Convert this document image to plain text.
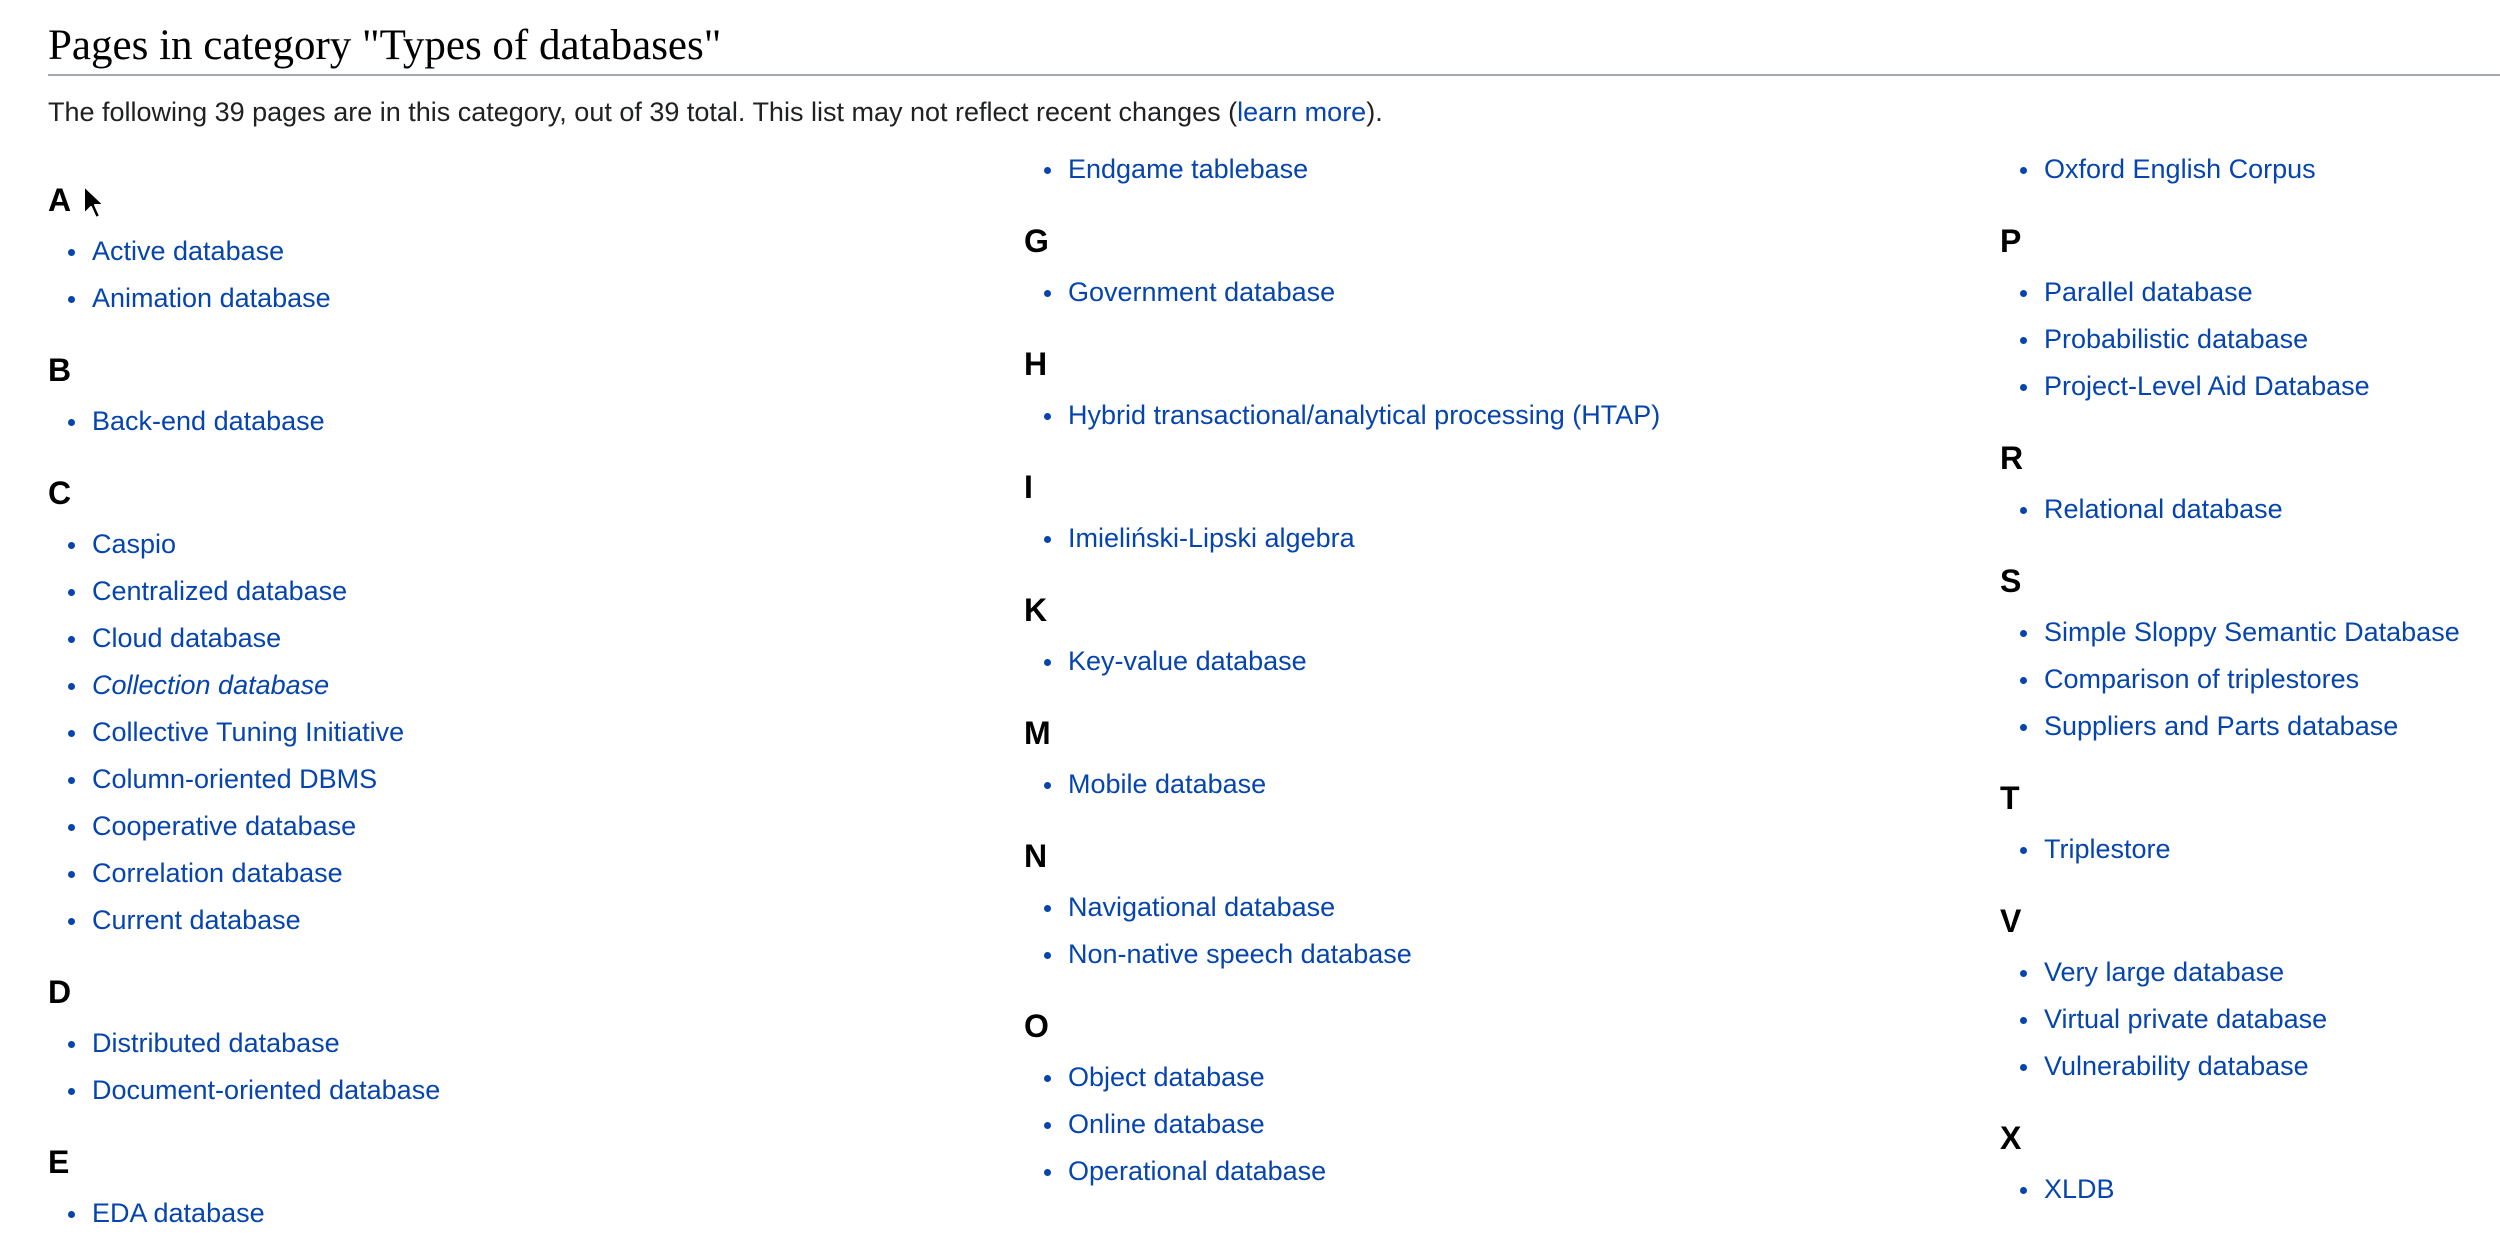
Pages in category "Types of databases"

The following 39 pages are in this category, out of 39 total. This list may not reflect recent changes (learn more).

A
Active database
Animation database
B
Back-end database
C
Caspio
Centralized database
Cloud database
Collection database
Collective Tuning Initiative
Column-oriented DBMS
Cooperative database
Correlation database
Current database
D
Distributed database
Document-oriented database
E
EDA database
Endgame tablebase
G
Government database
H
Hybrid transactional/analytical processing (HTAP)
I
Imieliński-Lipski algebra
K
Key-value database
M
Mobile database
N
Navigational database
Non-native speech database
O
Object database
Online database
Operational database
Oxford English Corpus
P
Parallel database
Probabilistic database
Project-Level Aid Database
R
Relational database
S
Simple Sloppy Semantic Database
Comparison of triplestores
Suppliers and Parts database
T
Triplestore
V
Very large database
Virtual private database
Vulnerability database
X
XLDB
